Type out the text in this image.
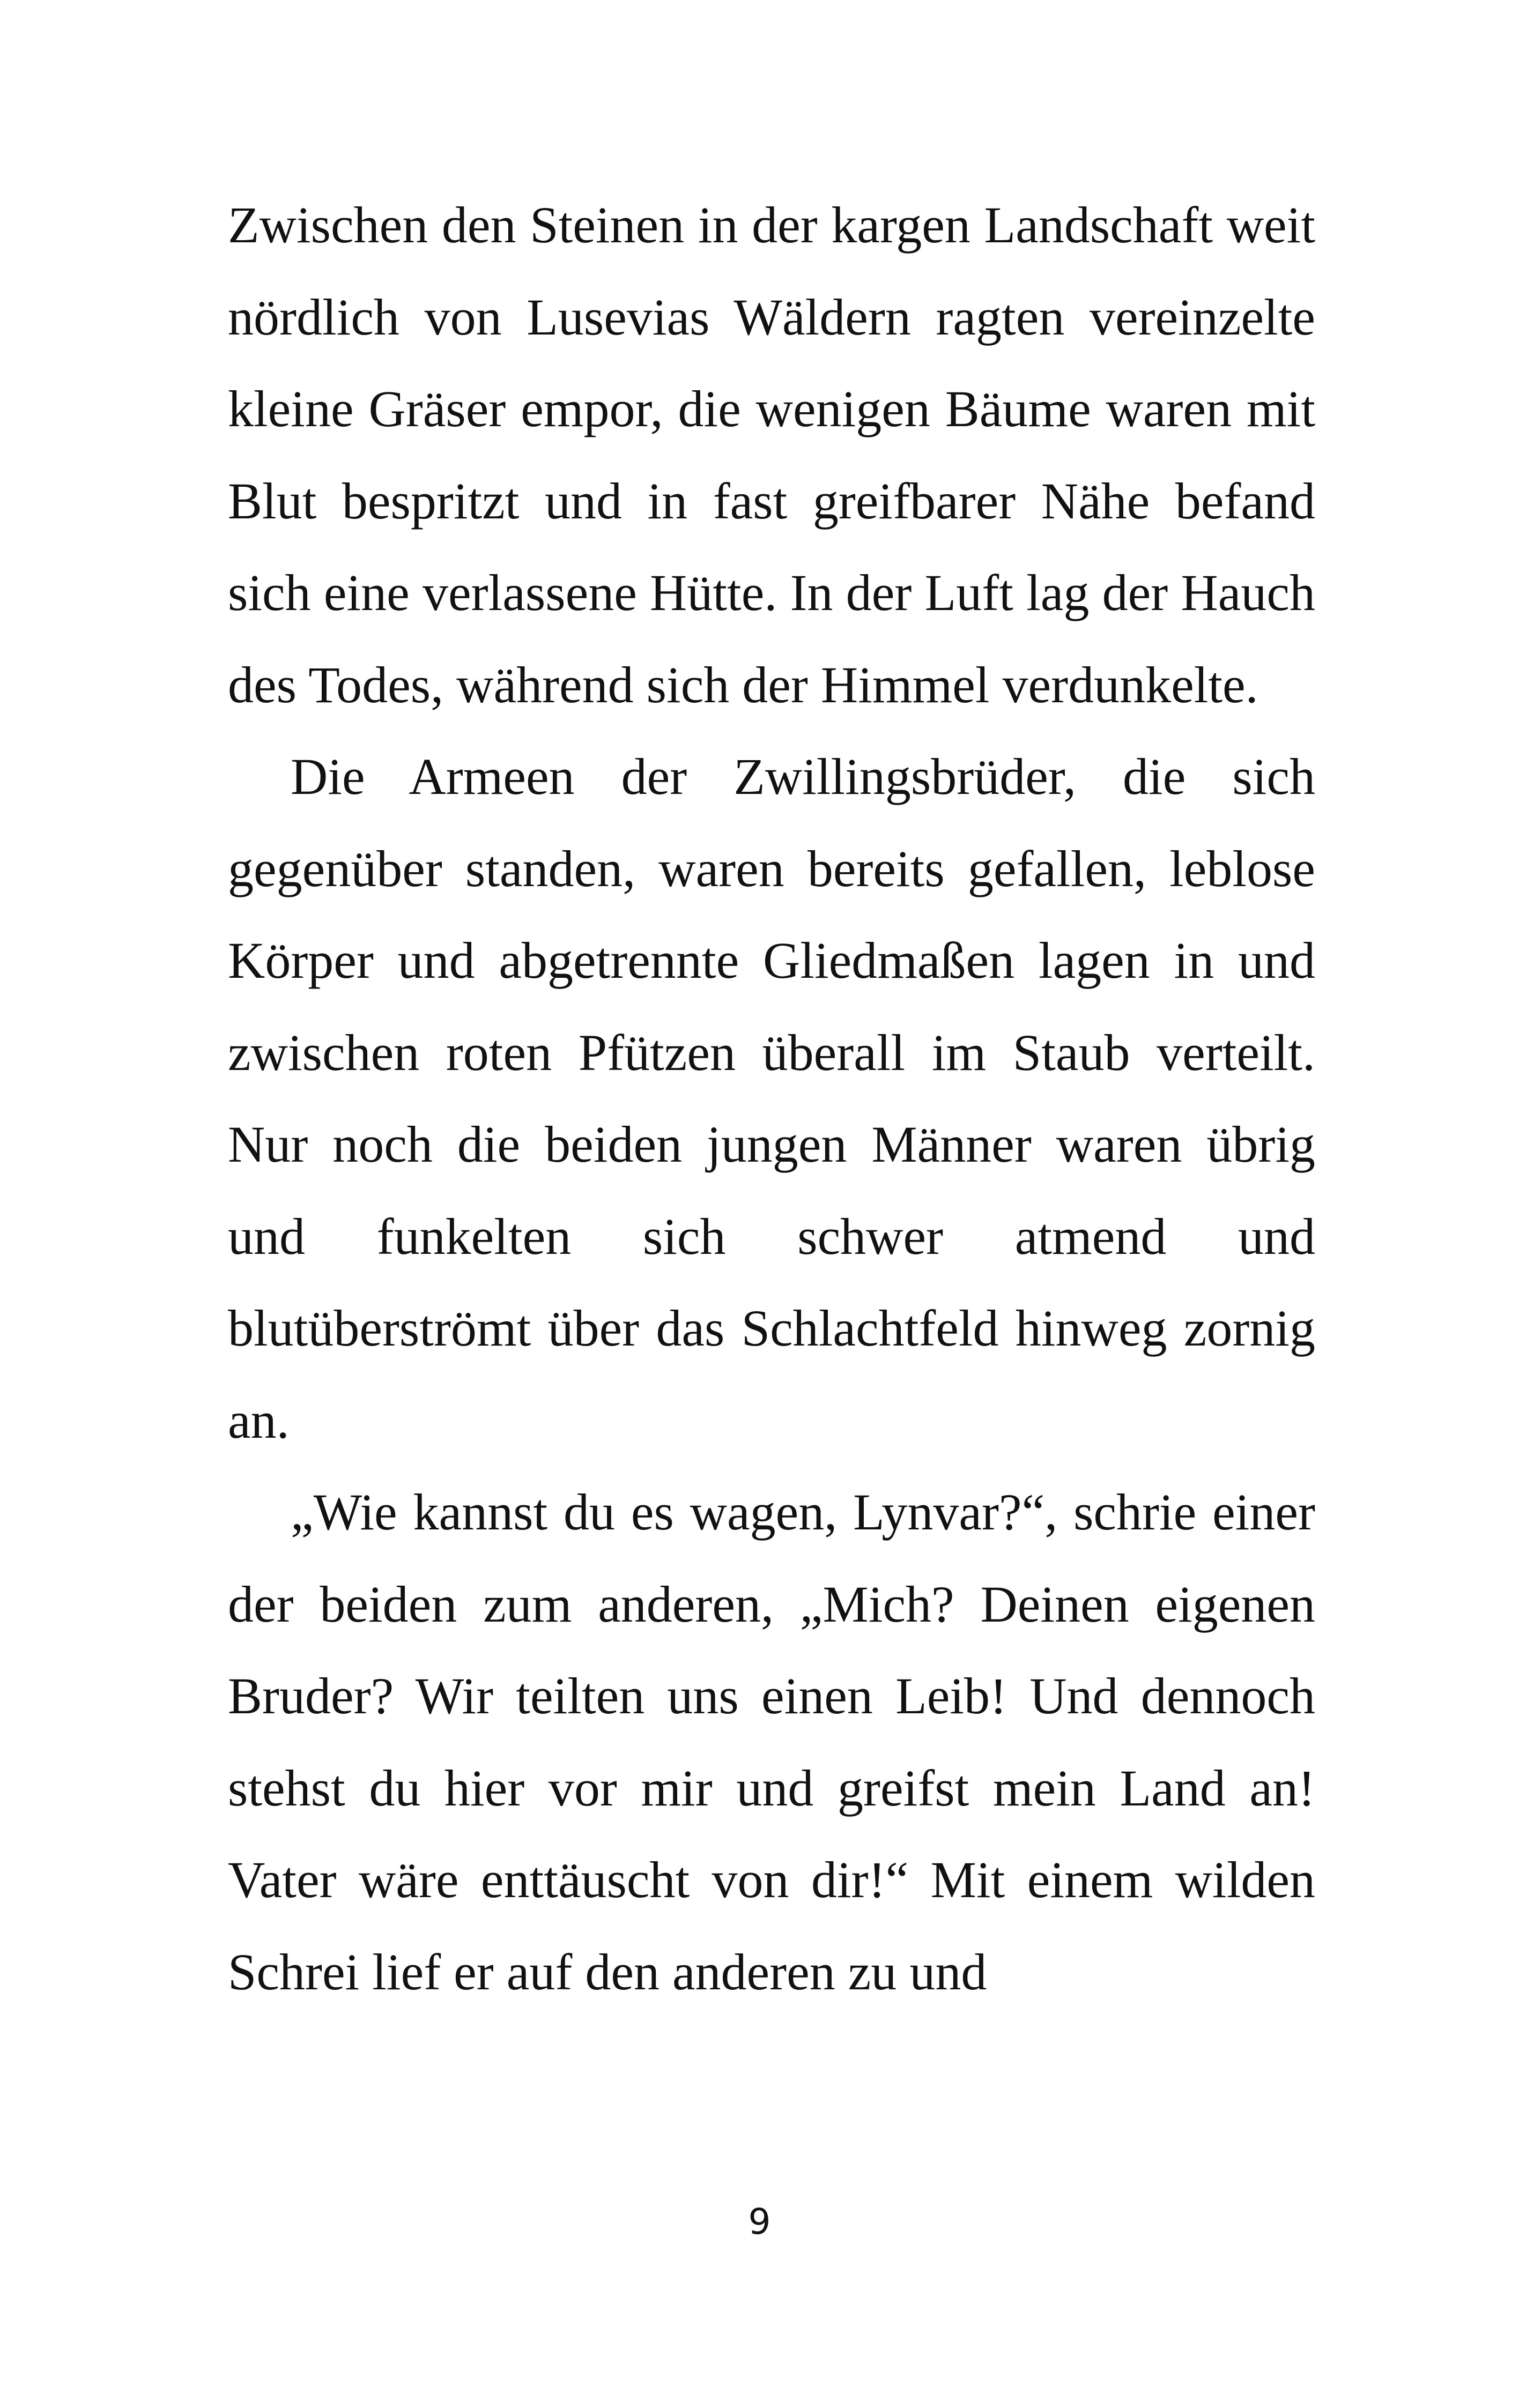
Zwischen den Steinen in der kargen Landschaft weit nördlich von Lusevias Wäldern ragten vereinzelte kleine Gräser empor, die wenigen Bäume waren mit Blut bespritzt und in fast greifbarer Nähe befand sich eine verlassene Hütte. In der Luft lag der Hauch des Todes, während sich der Himmel verdunkelte.

Die Armeen der Zwillingsbrüder, die sich gegenüber standen, waren bereits gefallen, leblose Körper und abgetrennte Gliedmaßen lagen in und zwischen roten Pfützen überall im Staub verteilt. Nur noch die beiden jungen Männer waren übrig und funkelten sich schwer atmend und blutüberströmt über das Schlachtfeld hinweg zornig an.

„Wie kannst du es wagen, Lynvar?“, schrie einer der beiden zum anderen, „Mich? Deinen eigenen Bruder? Wir teilten uns einen Leib! Und dennoch stehst du hier vor mir und greifst mein Land an! Vater wäre enttäuscht von dir!“ Mit einem wilden Schrei lief er auf den anderen zu und

9
